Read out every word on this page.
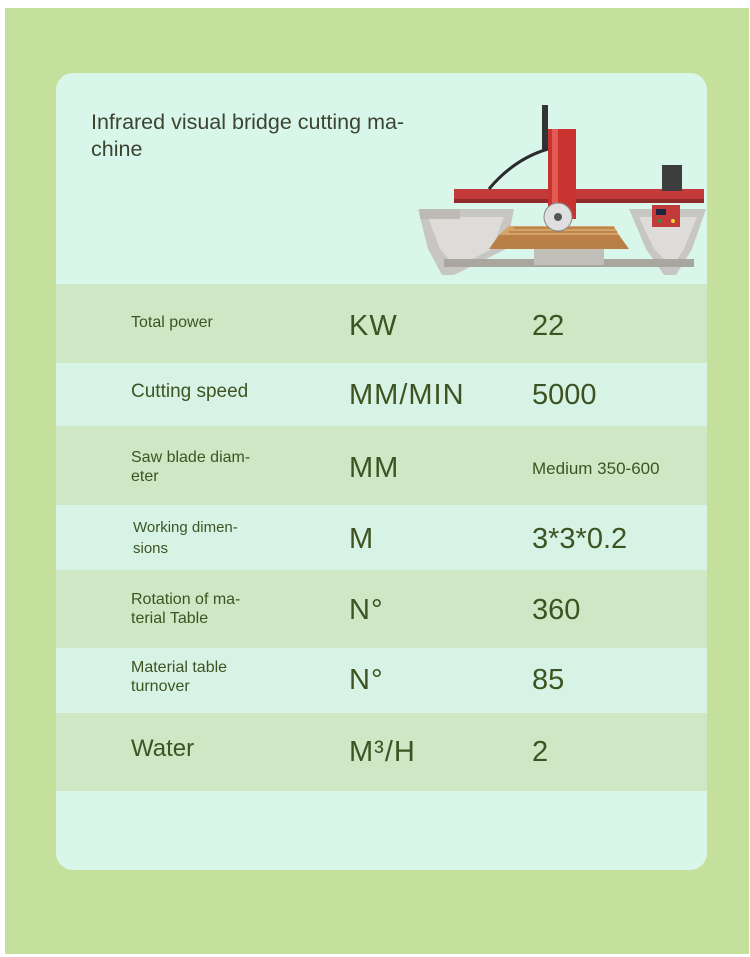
Infrared visual bridge cutting ma-
chine
Total power	KW	22
Cutting speed	MM/MIN 5000
Saw blade diam-
eter	MM	Medium 350-600
Working dimen-
sions	M	3*3*0.2
Rotation of ma-
terial Table	N°	360
Material table
turnover	N°	85
Water	M³/H	2
